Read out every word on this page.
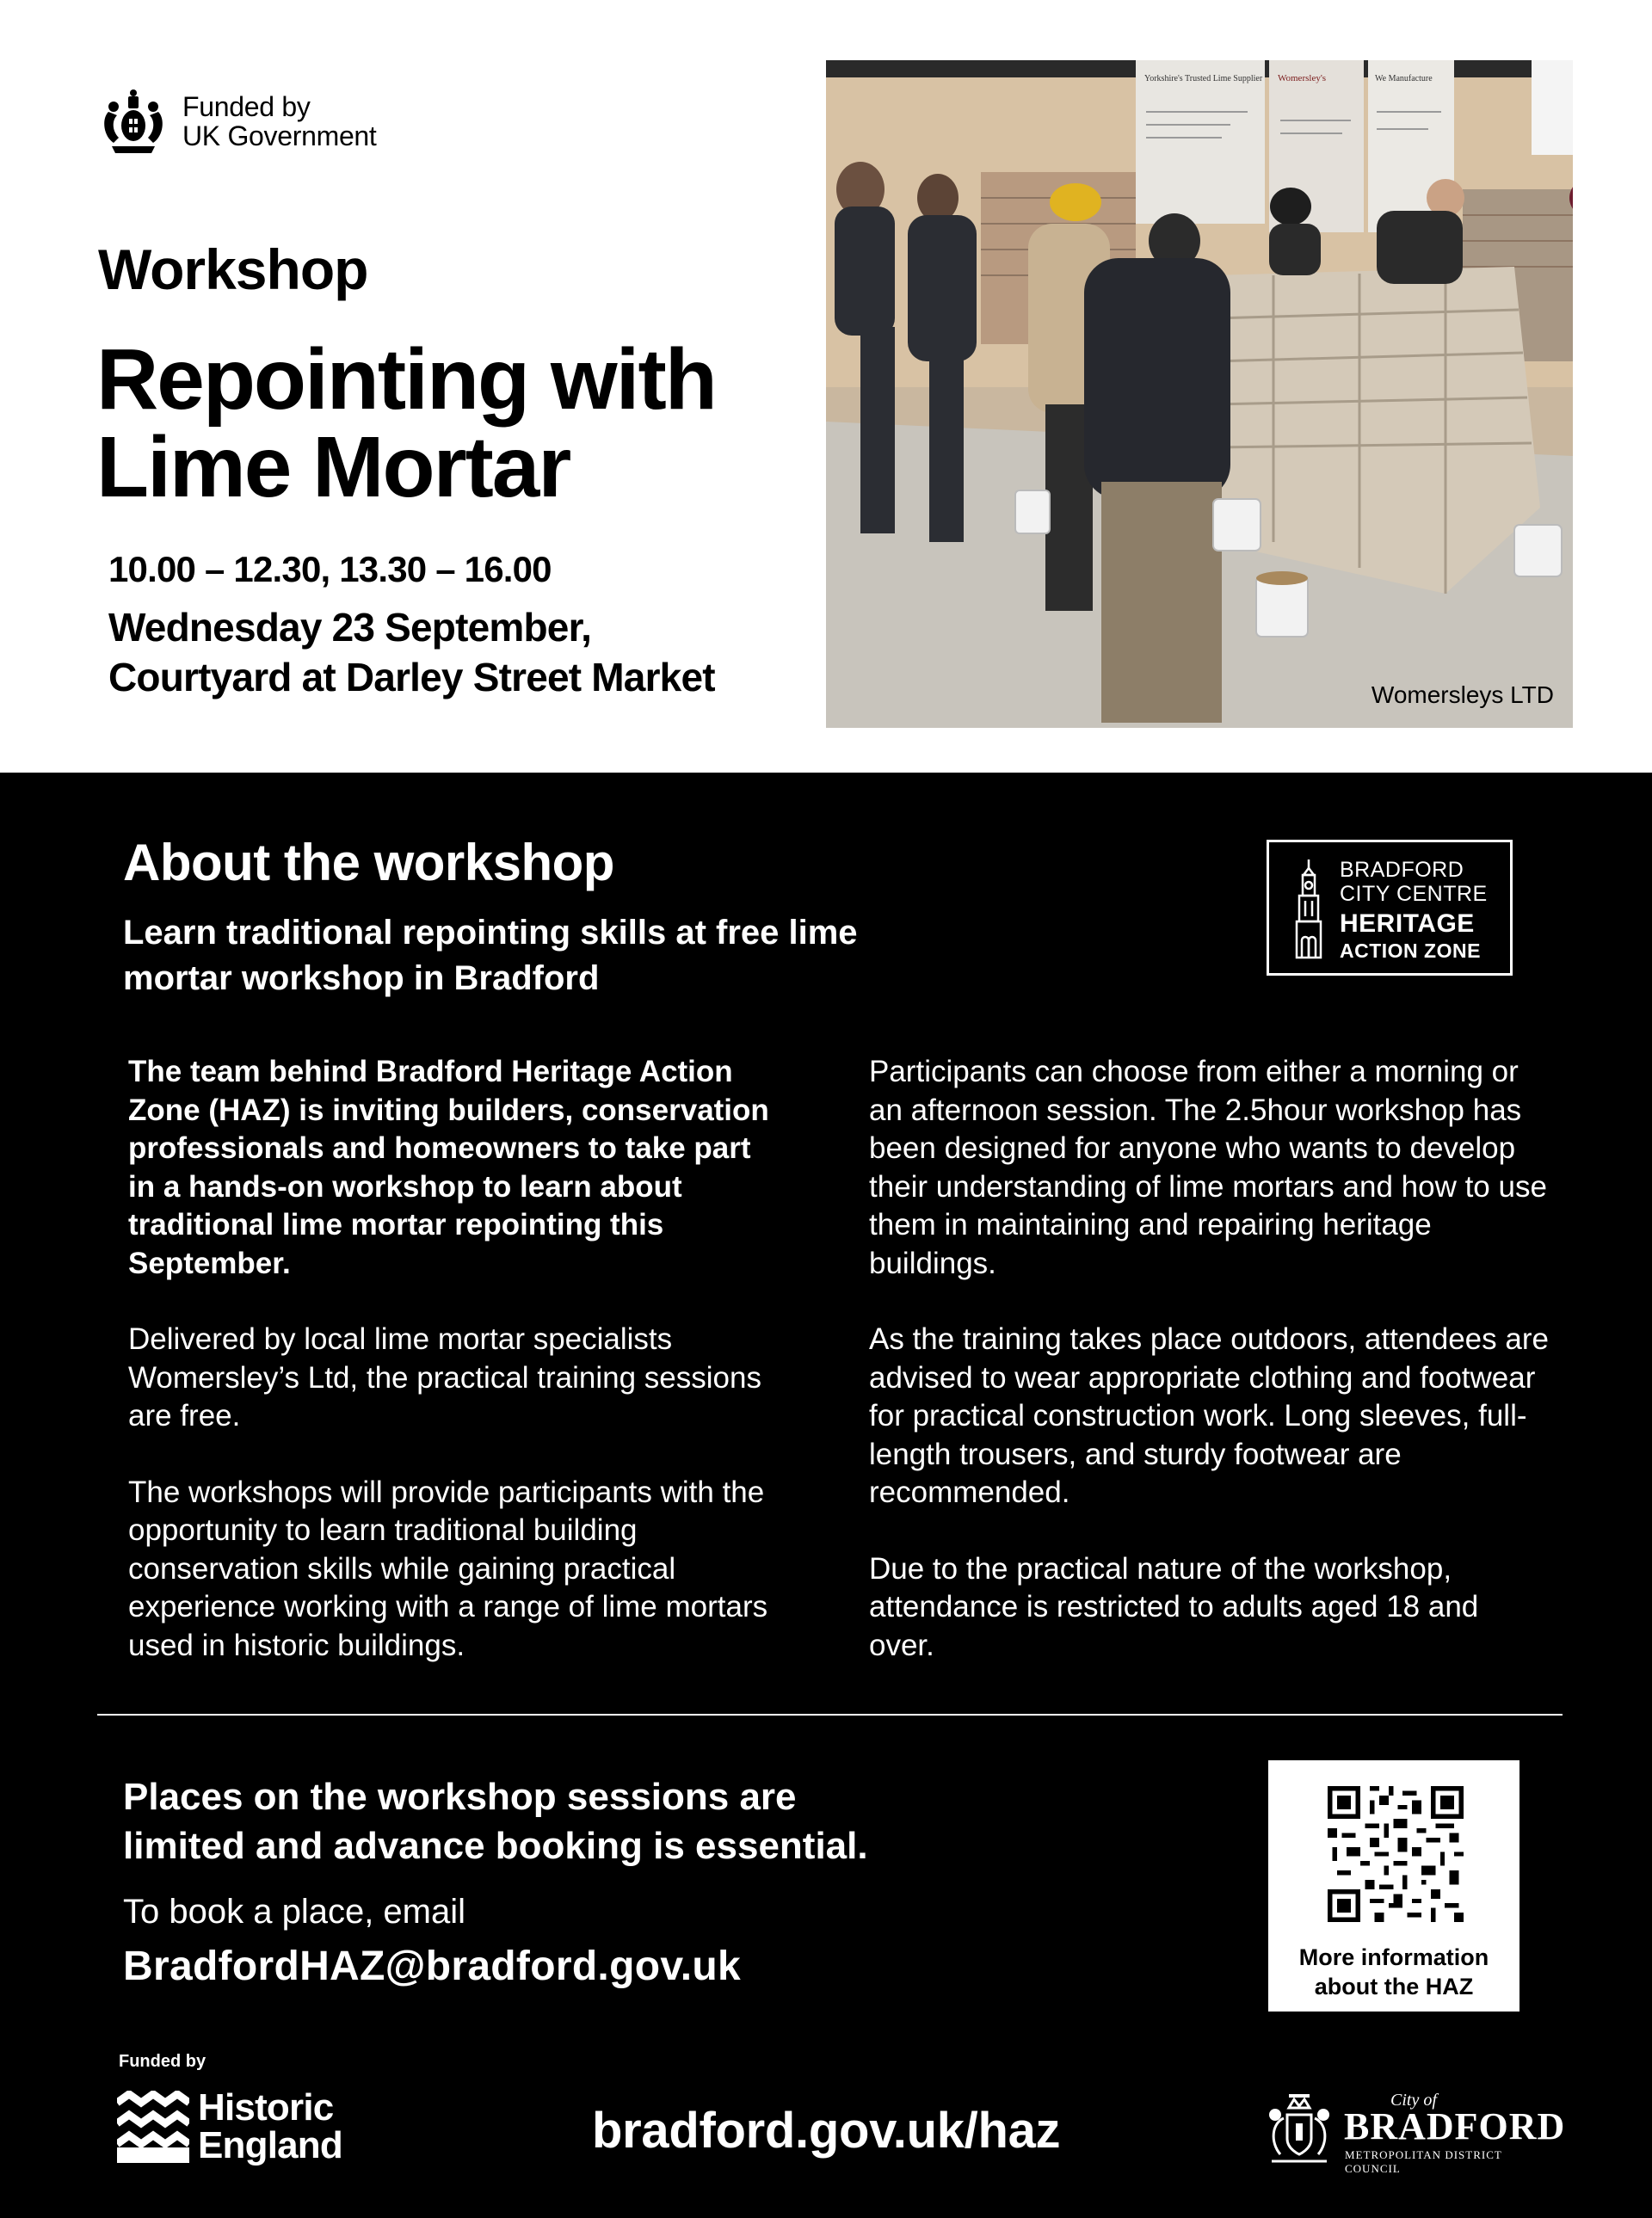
Funded by
UK Government
Workshop
Repointing with
Lime Mortar
10.00 – 12.30, 13.30 – 16.00
Wednesday 23 September,
Courtyard at Darley Street Market
Yorkshire's Trusted Lime Supplier Womersley's	We Manufacture
Womersleys LTD
About the workshop
Learn traditional repointing skills at free lime mortar workshop in Bradford
BRADFORD
CITY CENTRE
HERITAGE
ACTION ZONE

The team behind Bradford Heritage Action Zone (HAZ) is inviting builders, conservation professionals and homeowners to take part in a hands-on workshop to learn about traditional lime mortar repointing this September.

Delivered by local lime mortar specialists Womersley’s Ltd, the practical training sessions are free.

The workshops will provide participants with the opportunity to learn traditional building conservation skills while gaining practical experience working with a range of lime mortars used in historic buildings.

Participants can choose from either a morning or an afternoon session. The 2.5hour workshop has been designed for anyone who wants to develop their understanding of lime mortars and how to use them in maintaining and repairing heritage buildings.

As the training takes place outdoors, attendees are advised to wear appropriate clothing and footwear for practical construction work. Long sleeves, full-length trousers, and sturdy footwear are recommended.

Due to the practical nature of the workshop, attendance is restricted to adults aged 18 and over.

Places on the workshop sessions are
limited and advance booking is essential.
To book a place, email
BradfordHAZ@bradford.gov.uk	More information
about the HAZ
Funded by
Historic
England	bradford.gov.uk/haz
City of
BRADFORD
METROPOLITAN DISTRICT COUNCIL
